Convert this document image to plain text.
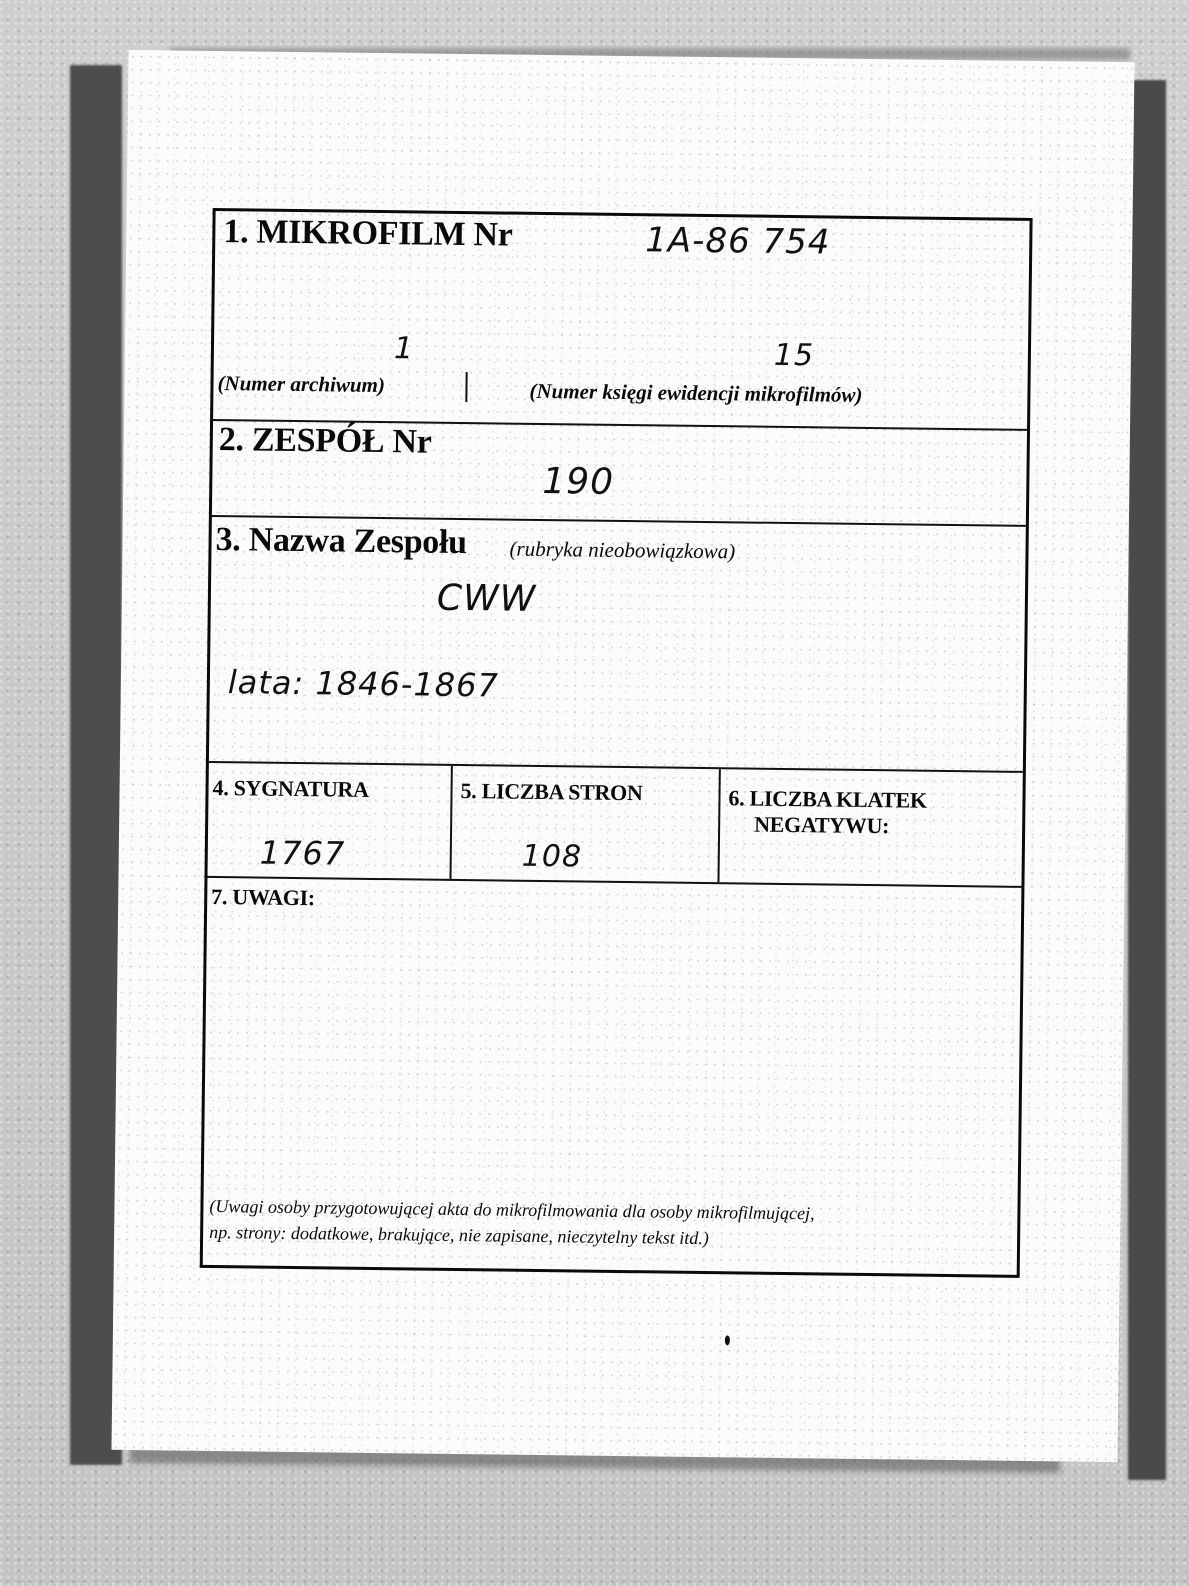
1. MIKROFILM Nr	1A-86 754
1	15
(Numer archiwum)	(Numer księgi ewidencji mikrofilmów)
2. ZESPÓŁ Nr
190
3. Nazwa Zespołu (rubryka nieobowiązkowa)
CWW
lata: 1846-1867
4. SYGNATURA
1767
5. LICZBA STRON
108
6. LICZBA KLATEK
NEGATYWU:
7. UWAGI:
(Uwagi osoby przygotowującej akta do mikrofilmowania dla osoby mikrofilmującej,
np. strony: dodatkowe, brakujące, nie zapisane, nieczytelny tekst itd.)
